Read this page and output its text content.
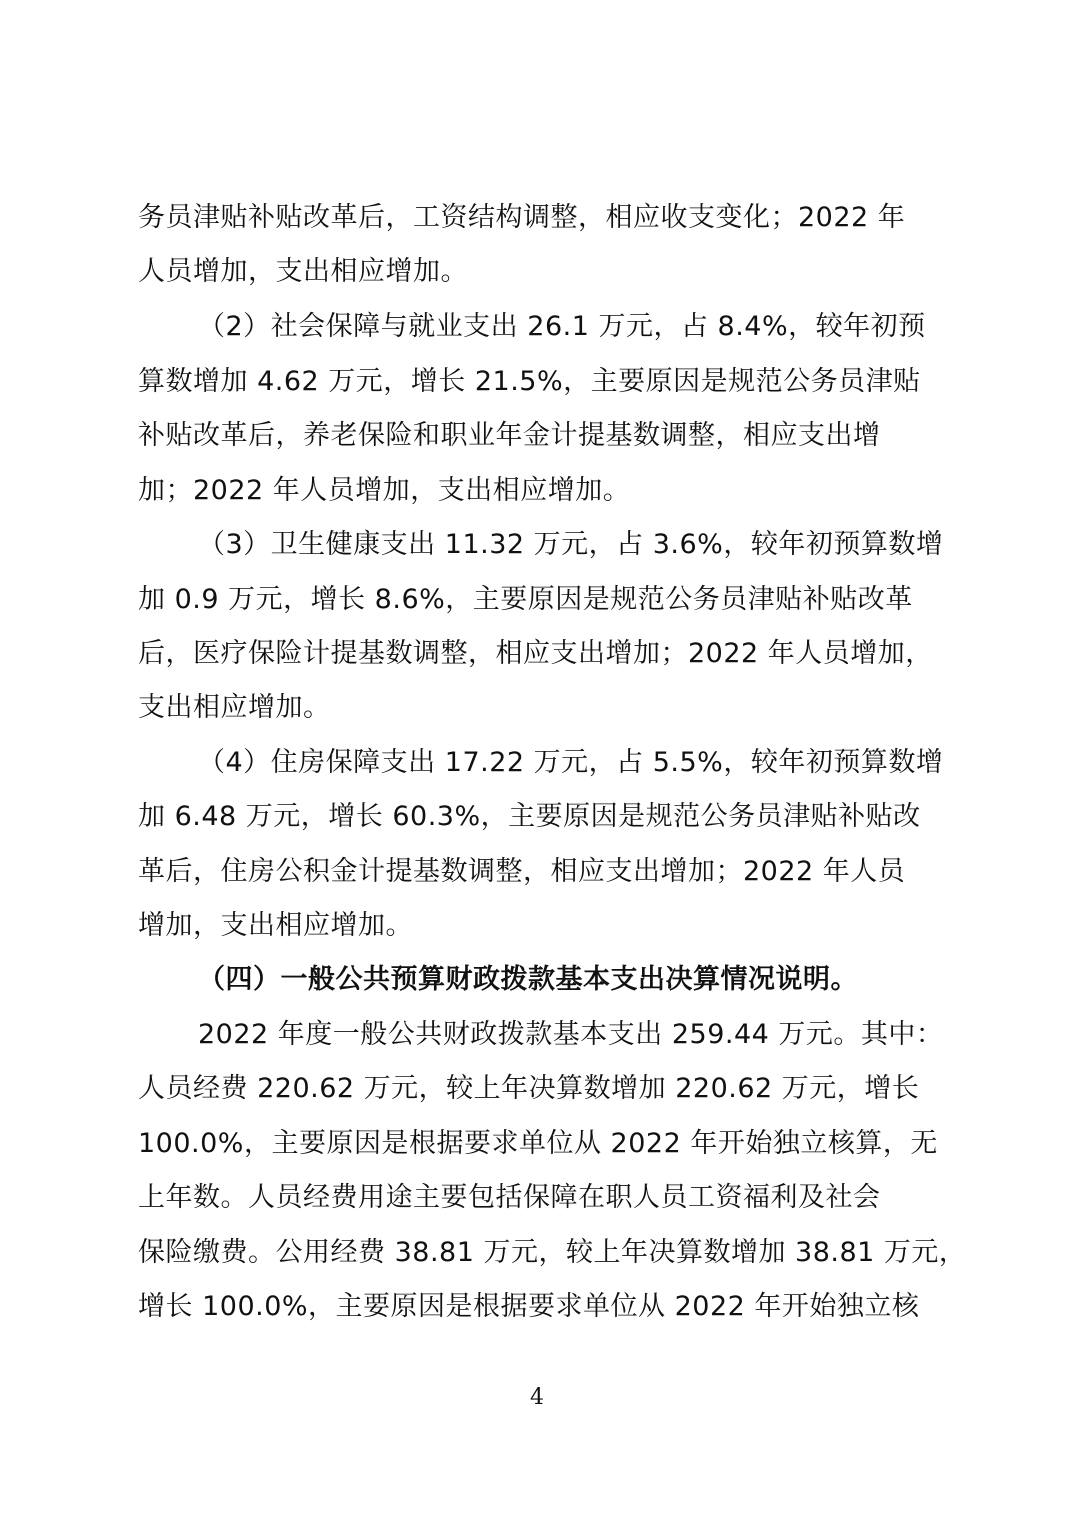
务员津贴补贴改革后，工资结构调整，相应收支变化；2022 年
人员增加，支出相应增加。
（2）社会保障与就业支出 26.1 万元，占 8.4%，较年初预
算数增加 4.62 万元，增长 21.5%，主要原因是规范公务员津贴
补贴改革后，养老保险和职业年金计提基数调整，相应支出增
加；2022 年人员增加，支出相应增加。
（3）卫生健康支出 11.32 万元，占 3.6%，较年初预算数增
加 0.9 万元，增长 8.6%，主要原因是规范公务员津贴补贴改革
后，医疗保险计提基数调整，相应支出增加；2022 年人员增加，
支出相应增加。
（4）住房保障支出 17.22 万元，占 5.5%，较年初预算数增
加 6.48 万元，增长 60.3%，主要原因是规范公务员津贴补贴改
革后，住房公积金计提基数调整，相应支出增加；2022 年人员
增加，支出相应增加。
（四）一般公共预算财政拨款基本支出决算情况说明。
2022 年度一般公共财政拨款基本支出 259.44 万元。其中：
人员经费 220.62 万元，较上年决算数增加 220.62 万元，增长
100.0%，主要原因是根据要求单位从 2022 年开始独立核算，无
上年数。人员经费用途主要包括保障在职人员工资福利及社会
保险缴费。公用经费 38.81 万元，较上年决算数增加 38.81 万元，
增长 100.0%，主要原因是根据要求单位从 2022 年开始独立核
4
